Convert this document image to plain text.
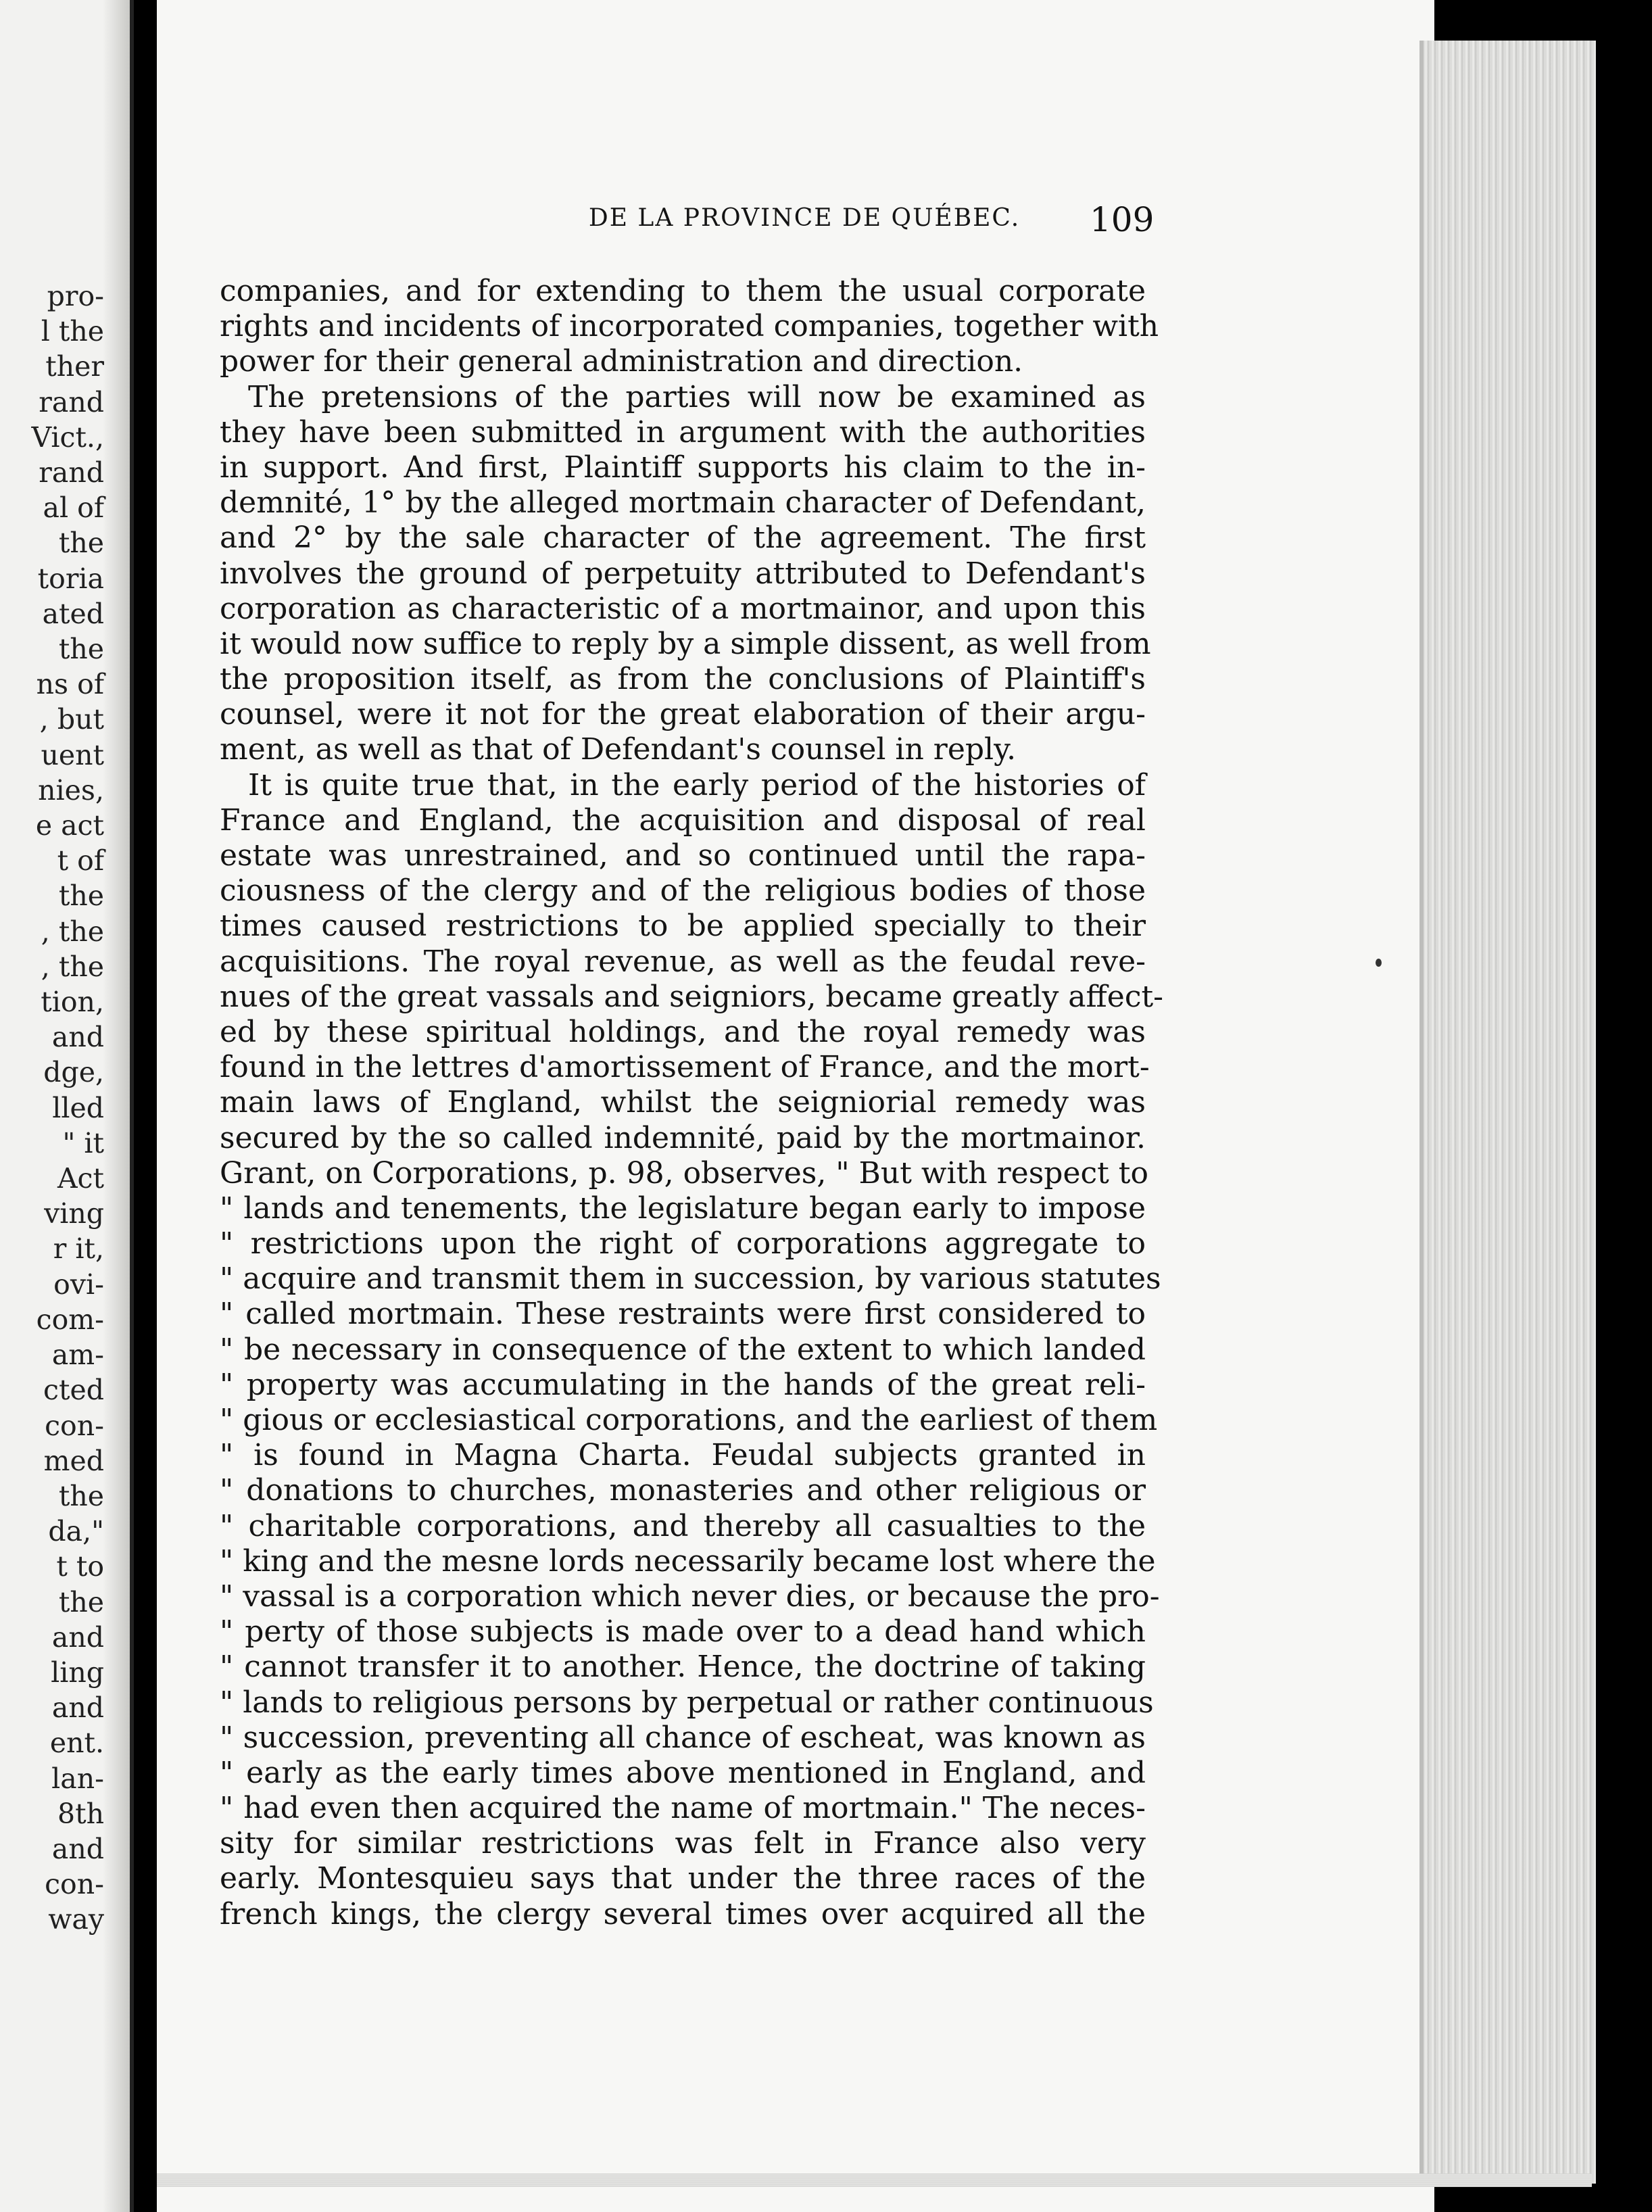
pro-
l the
ther
rand
Vict.,
rand
al of
the
toria
ated
the
ns of
, but
uent
nies,
e act
t of
the
, the
, the
tion,
and
dge,
lled
" it
Act
ving
r it,
ovi-
com-
am-
cted
con-
med
the
da,"
t to
the
and
ling
and
ent.
lan-
8th
and
con-
way
DE LA PROVINCE DE QUÉBEC.	109
companies, and for extending to them the usual corporate
rights and incidents of incorporated companies, together with
power for their general administration and direction.
The pretensions of the parties will now be examined as
they have been submitted in argument with the authorities
in support. And first, Plaintiff supports his claim to the in-
demnité, 1° by the alleged mortmain character of Defendant,
and 2° by the sale character of the agreement. The first
involves the ground of perpetuity attributed to Defendant's
corporation as characteristic of a mortmainor, and upon this
it would now suffice to reply by a simple dissent, as well from
the proposition itself, as from the conclusions of Plaintiff's
counsel, were it not for the great elaboration of their argu-
ment, as well as that of Defendant's counsel in reply.
It is quite true that, in the early period of the histories of
France and England, the acquisition and disposal of real
estate was unrestrained, and so continued until the rapa-
ciousness of the clergy and of the religious bodies of those
times caused restrictions to be applied specially to their
acquisitions. The royal revenue, as well as the feudal reve-
nues of the great vassals and seigniors, became greatly affect-
ed by these spiritual holdings, and the royal remedy was
found in the lettres d'amortissement of France, and the mort-
main laws of England, whilst the seigniorial remedy was
secured by the so called indemnité, paid by the mortmainor.
Grant, on Corporations, p. 98, observes, " But with respect to
" lands and tenements, the legislature began early to impose
" restrictions upon the right of corporations aggregate to
" acquire and transmit them in succession, by various statutes
" called mortmain. These restraints were first considered to
" be necessary in consequence of the extent to which landed
" property was accumulating in the hands of the great reli-
" gious or ecclesiastical corporations, and the earliest of them
" is found in Magna Charta. Feudal subjects granted in
" donations to churches, monasteries and other religious or
" charitable corporations, and thereby all casualties to the
" king and the mesne lords necessarily became lost where the
" vassal is a corporation which never dies, or because the pro-
" perty of those subjects is made over to a dead hand which
" cannot transfer it to another. Hence, the doctrine of taking
" lands to religious persons by perpetual or rather continuous
" succession, preventing all chance of escheat, was known as
" early as the early times above mentioned in England, and
" had even then acquired the name of mortmain." The neces-
sity for similar restrictions was felt in France also very
early. Montesquieu says that under the three races of the
french kings, the clergy several times over acquired all the
